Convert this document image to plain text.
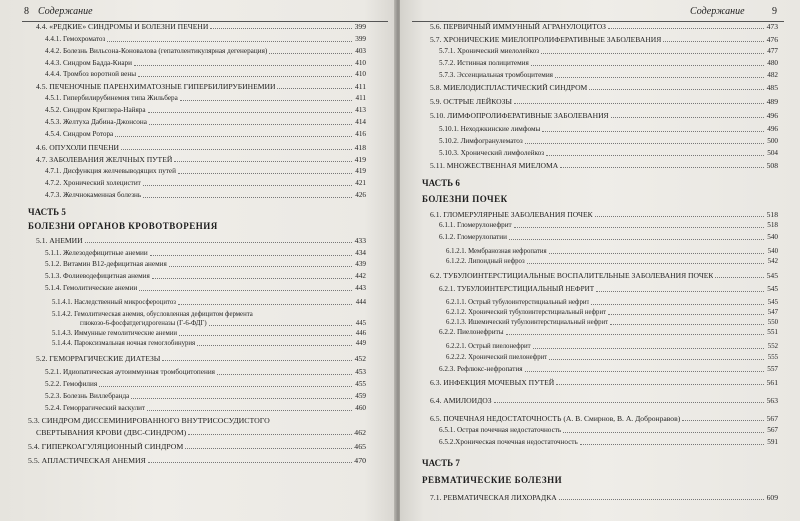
8 Содержание
4.4. «РЕДКИЕ» СИНДРОМЫ И БОЛЕЗНИ ПЕЧЕНИ	399
4.4.1. Гемохроматоз	399
4.4.2. Болезнь Вильсона-Коновалова (гепатолентикулярная дегенерация)	403
4.4.3. Синдром Бадда-Киари	410
4.4.4. Тромбоз воротной вены	410
4.5. ПЕЧЕНОЧНЫЕ ПАРЕНХИМАТОЗНЫЕ ГИПЕРБИЛИРУБИНЕМИИ	411
4.5.1. Гипербилирубинемия типа Жильбера	411
4.5.2. Синдром Криглера-Найяра	413
4.5.3. Желтуха Дабина-Джонсона	414
4.5.4. Синдром Ротора	416
4.6. ОПУХОЛИ ПЕЧЕНИ	418
4.7. ЗАБОЛЕВАНИЯ ЖЕЛЧНЫХ ПУТЕЙ	419
4.7.1. Дисфункция желчевыводящих путей	419
4.7.2. Хронический холецистит	421
4.7.3. Желчнокаменная болезнь	426
ЧАСТЬ 5
БОЛЕЗНИ ОРГАНОВ КРОВОТВОРЕНИЯ
5.1. АНЕМИИ	433
5.1.1. Железодефицитные анемии	434
5.1.2. Витамин B12-дефицитная анемия	439
5.1.3. Фолиеводефицитная анемия	442
5.1.4. Гемолитические анемии	443
5.1.4.1. Наследственный микросфероцитоз	444
5.1.4.2. Гемолитическая анемия, обусловленная дефицитом фермента
глюкозо-6-фосфатдегидрогеназы (Г-6-ФДГ)	445
5.1.4.3. Иммунные гемолитические анемии	446
5.1.4.4. Пароксизмальная ночная гемоглобинурия	449
5.2. ГЕМОРРАГИЧЕСКИЕ ДИАТЕЗЫ	452
5.2.1. Идиопатическая аутоиммунная тромбоцитопения	453
5.2.2. Гемофилия	455
5.2.3. Болезнь Виллебранда	459
5.2.4. Геморрагический васкулит	460
5.3. СИНДРОМ ДИССЕМИНИРОВАННОГО ВНУТРИСОСУДИСТОГО
СВЕРТЫВАНИЯ КРОВИ (ДВС-СИНДРОМ)	462
5.4. ГИПЕРКОАГУЛЯЦИОННЫЙ СИНДРОМ	465
5.5. АПЛАСТИЧЕСКАЯ АНЕМИЯ	470
Содержание	9
5.6. ПЕРВИЧНЫЙ ИММУННЫЙ АГРАНУЛОЦИТОЗ	473
5.7. ХРОНИЧЕСКИЕ МИЕЛОПРОЛИФЕРАТИВНЫЕ ЗАБОЛЕВАНИЯ	476
5.7.1. Хронический миелолейкоз	477
5.7.2. Истинная полицитемия	480
5.7.3. Эссенциальная тромбоцитемия	482
5.8. МИЕЛОДИСПЛАСТИЧЕСКИЙ СИНДРОМ	485
5.9. ОСТРЫЕ ЛЕЙКОЗЫ	489
5.10. ЛИМФОПРОЛИФЕРАТИВНЫЕ ЗАБОЛЕВАНИЯ	496
5.10.1. Неходжкинские лимфомы	496
5.10.2. Лимфогранулематоз	500
5.10.3. Хронический лимфолейкоз	504
5.11. МНОЖЕСТВЕННАЯ МИЕЛОМА	508
ЧАСТЬ 6
БОЛЕЗНИ ПОЧЕК
6.1. ГЛОМЕРУЛЯРНЫЕ ЗАБОЛЕВАНИЯ ПОЧЕК	518
6.1.1. Гломерулонефрит	518
6.1.2. Гломерулопатии	540
6.1.2.1. Мембранозная нефропатия	540
6.1.2.2. Липоидный нефроз	542
6.2. ТУБУЛОИНТЕРСТИЦИАЛЬНЫЕ ВОСПАЛИТЕЛЬНЫЕ ЗАБОЛЕВАНИЯ ПОЧЕК	545
6.2.1. ТУБУЛОИНТЕРСТИЦИАЛЬНЫЙ НЕФРИТ	545
6.2.1.1. Острый тубулоинтерстициальный нефрит	545
6.2.1.2. Хронический тубулоинтерстициальный нефрит	547
6.2.1.3. Ишемический тубулоинтерстициальный нефрит	550
6.2.2. Пиелонефриты	551
6.2.2.1. Острый пиелонефрит	552
6.2.2.2. Хронический пиелонефрит	555
6.2.3. Рефлюкс-нефропатия	557
6.3. ИНФЕКЦИЯ МОЧЕВЫХ ПУТЕЙ	561
6.4. АМИЛОИДОЗ	563
6.5. ПОЧЕЧНАЯ НЕДОСТАТОЧНОСТЬ (А. В. Смирнов, В. А. Добронравов)	567
6.5.1. Острая почечная недостаточность	567
6.5.2.Хроническая почечная недостаточность	591
ЧАСТЬ 7
РЕВМАТИЧЕСКИЕ БОЛЕЗНИ
7.1. РЕВМАТИЧЕСКАЯ ЛИХОРАДКА	609
